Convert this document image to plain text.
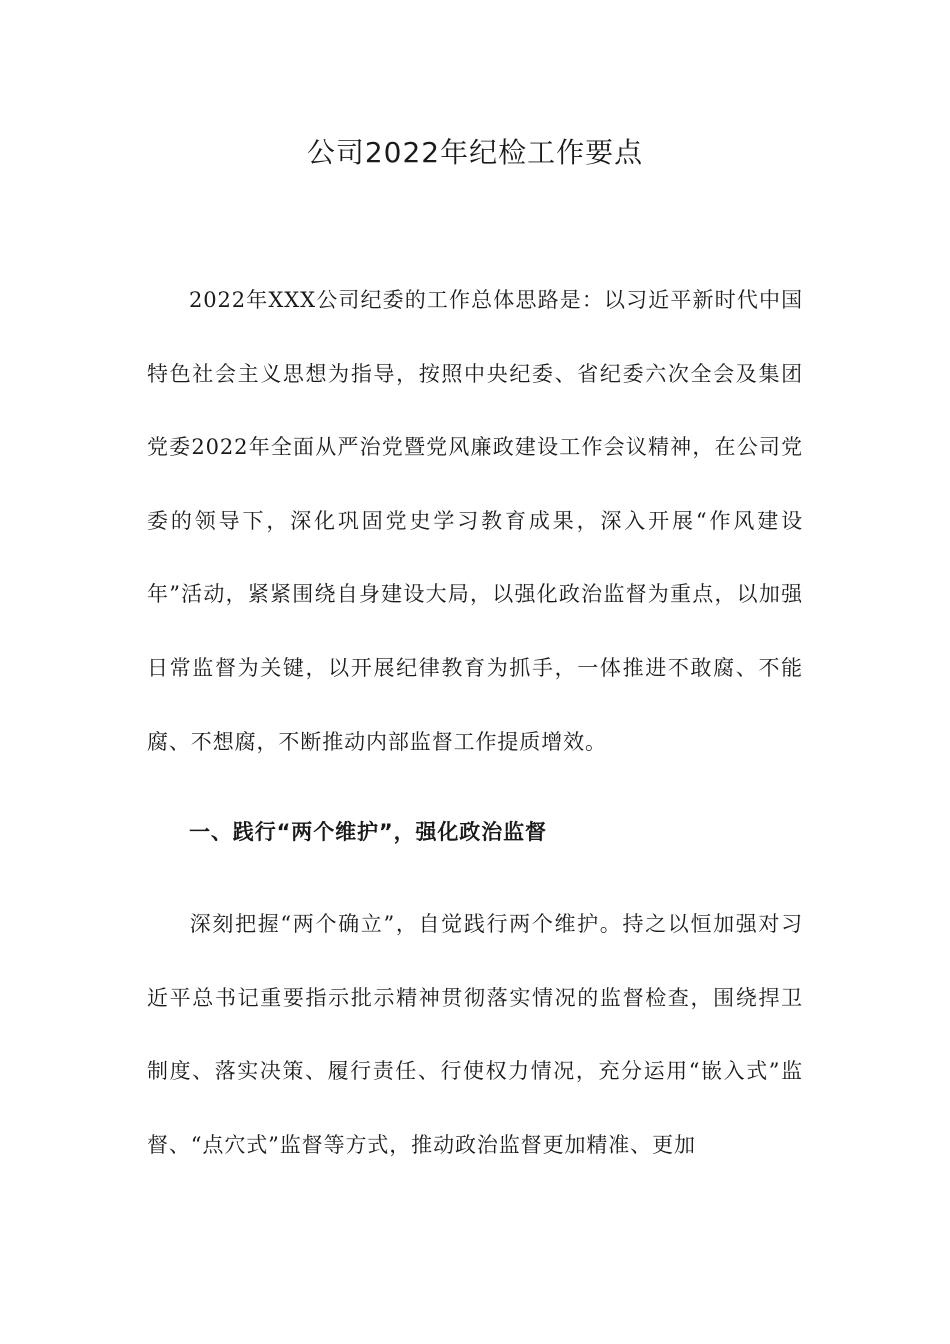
公司2022年纪检工作要点

2022年XXX公司纪委的工作总体思路是：以习近平新时代中国特色社会主义思想为指导，按照中央纪委、省纪委六次全会及集团党委2022年全面从严治党暨党风廉政建设工作会议精神，在公司党委的领导下，深化巩固党史学习教育成果，深入开展“作风建设年”活动，紧紧围绕自身建设大局，以强化政治监督为重点，以加强日常监督为关键，以开展纪律教育为抓手，一体推进不敢腐、不能腐、不想腐，不断推动内部监督工作提质增效。

一、践行“两个维护”，强化政治监督

深刻把握“两个确立”，自觉践行两个维护。持之以恒加强对习近平总书记重要指示批示精神贯彻落实情况的监督检查，围绕捍卫制度、落实决策、履行责任、行使权力情况，充分运用“嵌入式”监督、“点穴式”监督等方式，推动政治监督更加精准、更加
